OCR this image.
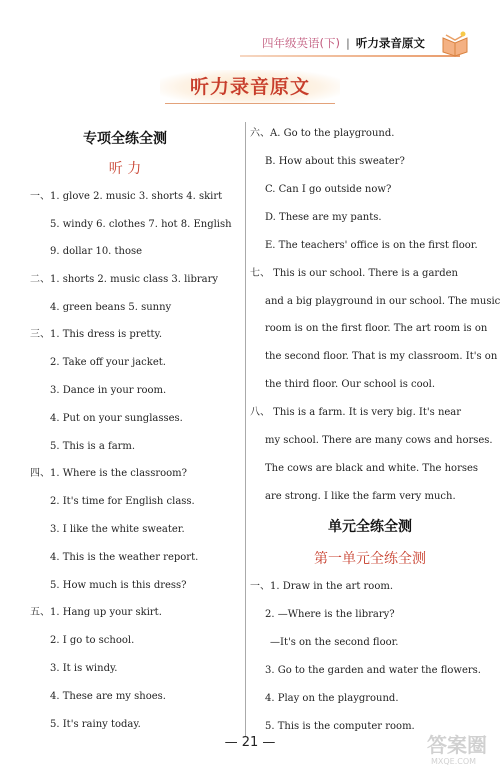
四年级英语(下) | 听力录音原文
听力录音原文
专项全练全测
听 力
一、1. glove 2. music 3. shorts 4. skirt
5. windy 6. clothes 7. hot 8. English
9. dollar 10. those
二、1. shorts 2. music class 3. library
4. green beans 5. sunny
三、1. This dress is pretty.
2. Take off your jacket.
3. Dance in your room.
4. Put on your sunglasses.
5. This is a farm.
四、1. Where is the classroom?
2. It's time for English class.
3. I like the white sweater.
4. This is the weather report.
5. How much is this dress?
五、1. Hang up your skirt.
2. I go to school.
3. It is windy.
4. These are my shoes.
5. It's rainy today.
六、A. Go to the playground.
B. How about this sweater?
C. Can I go outside now?
D. These are my pants.
E. The teachers' office is on the first floor.
七、 This is our school. There is a garden
and a big playground in our school. The music
room is on the first floor. The art room is on
the second floor. That is my classroom. It's on
the third floor. Our school is cool.
八、 This is a farm. It is very big. It's near
my school. There are many cows and horses.
The cows are black and white. The horses
are strong. I like the farm very much.
单元全练全测
第一单元全练全测
一、1. Draw in the art room.
2. —Where is the library?
—It's on the second floor.
3. Go to the garden and water the flowers.
4. Play on the playground.
5. This is the computer room.
— 21 —	答案圈
MXQE.COM
